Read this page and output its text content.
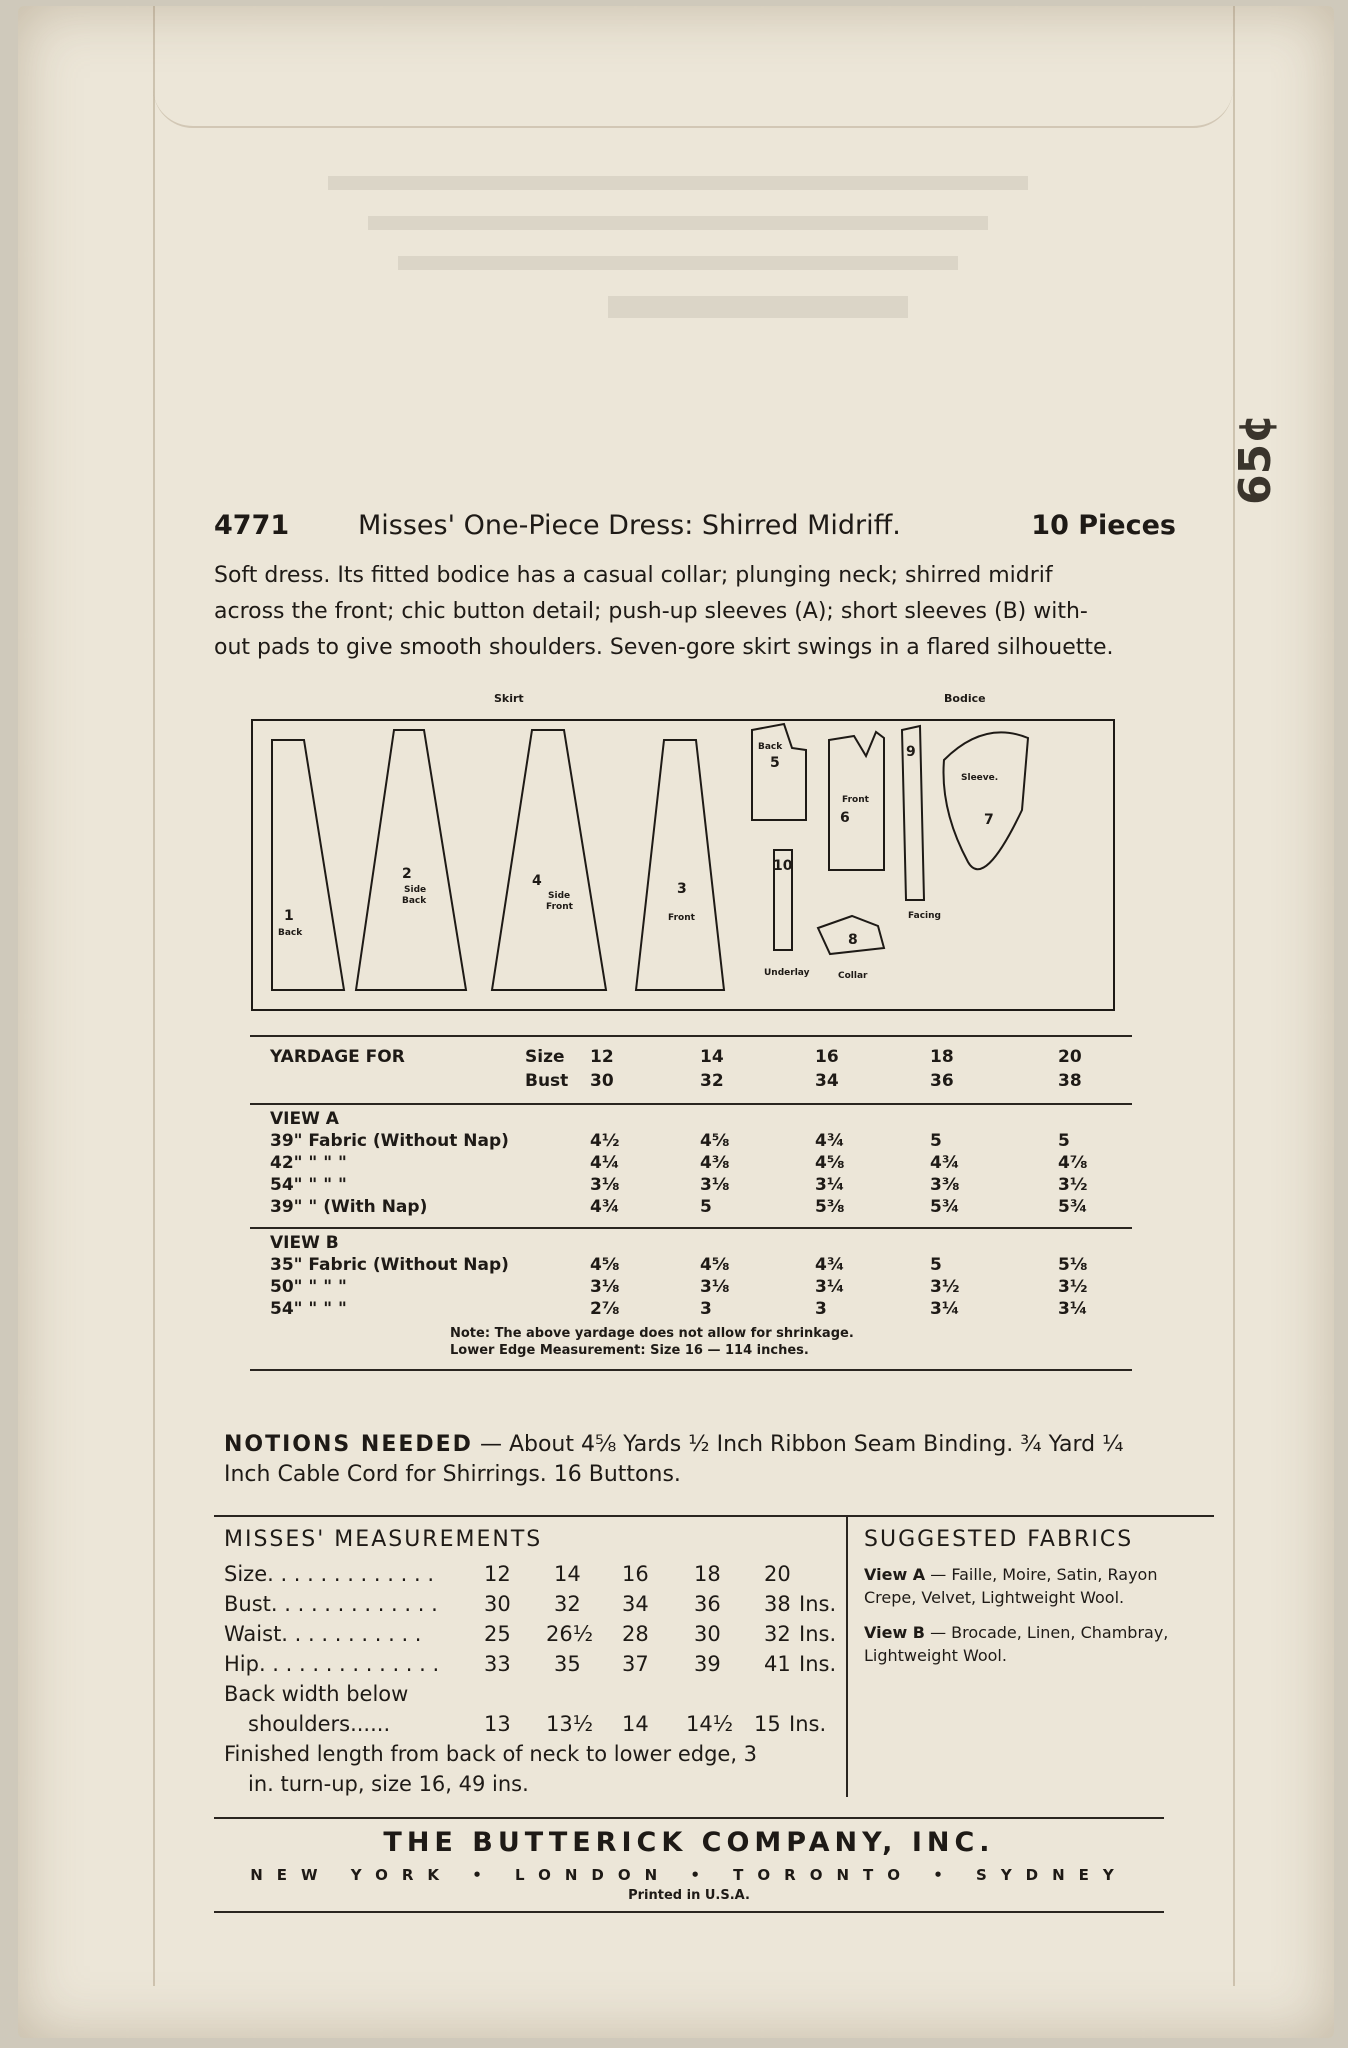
65¢
4771	Misses' One-Piece Dress: Shirred Midriff.	10 Pieces
Soft dress. Its fitted bodice has a casual collar; plunging neck; shirred midrif
across the front; chic button detail; push-up sleeves (A); short sleeves (B) with-
out pads to give smooth shoulders. Seven-gore skirt swings in a flared silhouette.
Skirt	Bodice
1
Back
2
Side
Back
4
Side
Front
3
Front
5
Back
6
Front
9
Facing
7
Sleeve.
10
Underlay
8
Collar
YARDAGE FOR	Size 12	14	16	18	20
Bust 30	32	34	36	38
VIEW A
39" Fabric (Without Nap)	4½	4⅝	4¾	5	5
42" " " "	4¼	4⅜	4⅝	4¾	4⅞
54" " " "	3⅛	3⅛	3¼	3⅜	3½
39" " (With Nap)	4¾	5	5⅜	5¾	5¾
VIEW B
35" Fabric (Without Nap)	4⅝	4⅝	4¾	5	5⅛
50" " " "	3⅛	3⅛	3¼	3½	3½
54" " " "	2⅞	3	3	3¼	3¼
Note: The above yardage does not allow for shrinkage.
Lower Edge Measurement: Size 16 — 114 inches.
NOTIONS NEEDED — About 4⅝ Yards ½ Inch Ribbon Seam Binding. ¾ Yard ¼ Inch Cable Cord for Shirrings. 16 Buttons.
MISSES' MEASUREMENTS
Size. . . . . . . . . . . . . 12 14 16 18 20
Bust. . . . . . . . . . . . . 30 32 34 36 38 Ins.
Waist. . . . . . . . . . .	25 26½ 28 30 32 Ins.
Hip. . . . . . . . . . . . . . 33 35 37 39 41 Ins.
Back width below
shoulders......	13 13½ 14 14½ 15 Ins.
Finished length from back of neck to lower edge, 3
in. turn-up, size 16, 49 ins.
SUGGESTED FABRICS

View A — Faille, Moire, Satin, Rayon Crepe, Velvet, Lightweight Wool.

View B — Brocade, Linen, Chambray, Lightweight Wool.

THE BUTTERICK COMPANY, INC.
NEW YORK • LONDON • TORONTO • SYDNEY
Printed in U.S.A.
